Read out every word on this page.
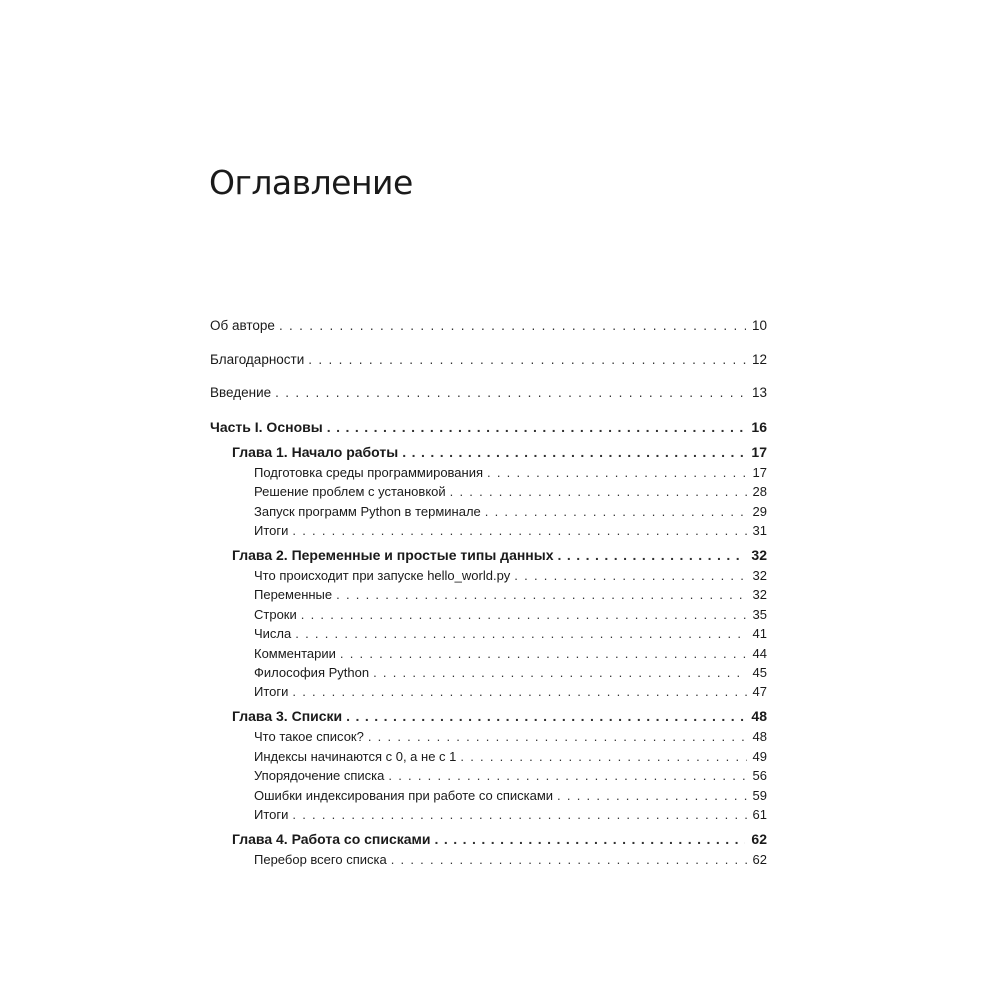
Оглавление
Об авторе . . .	10
Благодарности . . .	12
Введение . . .	13
Часть I. Основы . . .	16
Глава 1. Начало работы . . .	17
Подготовка среды программирования . . .	17
Решение проблем с установкой . . .	28
Запуск программ Python в терминале . . .	29
Итоги . . .	31
Глава 2. Переменные и простые типы данных . . .	32
Что происходит при запуске hello_world.py . . .	32
Переменные . . .	32
Строки . . .	35
Числа . . .	41
Комментарии . . .	44
Философия Python . . .	45
Итоги . . .	47
Глава 3. Списки . . .	48
Что такое список? . . .	48
Индексы начинаются с 0, а не с 1 . . .	49
Упорядочение списка . . .	56
Ошибки индексирования при работе со списками . . .	59
Итоги . . .	61
Глава 4. Работа со списками . . .	62
Перебор всего списка . . .	62
